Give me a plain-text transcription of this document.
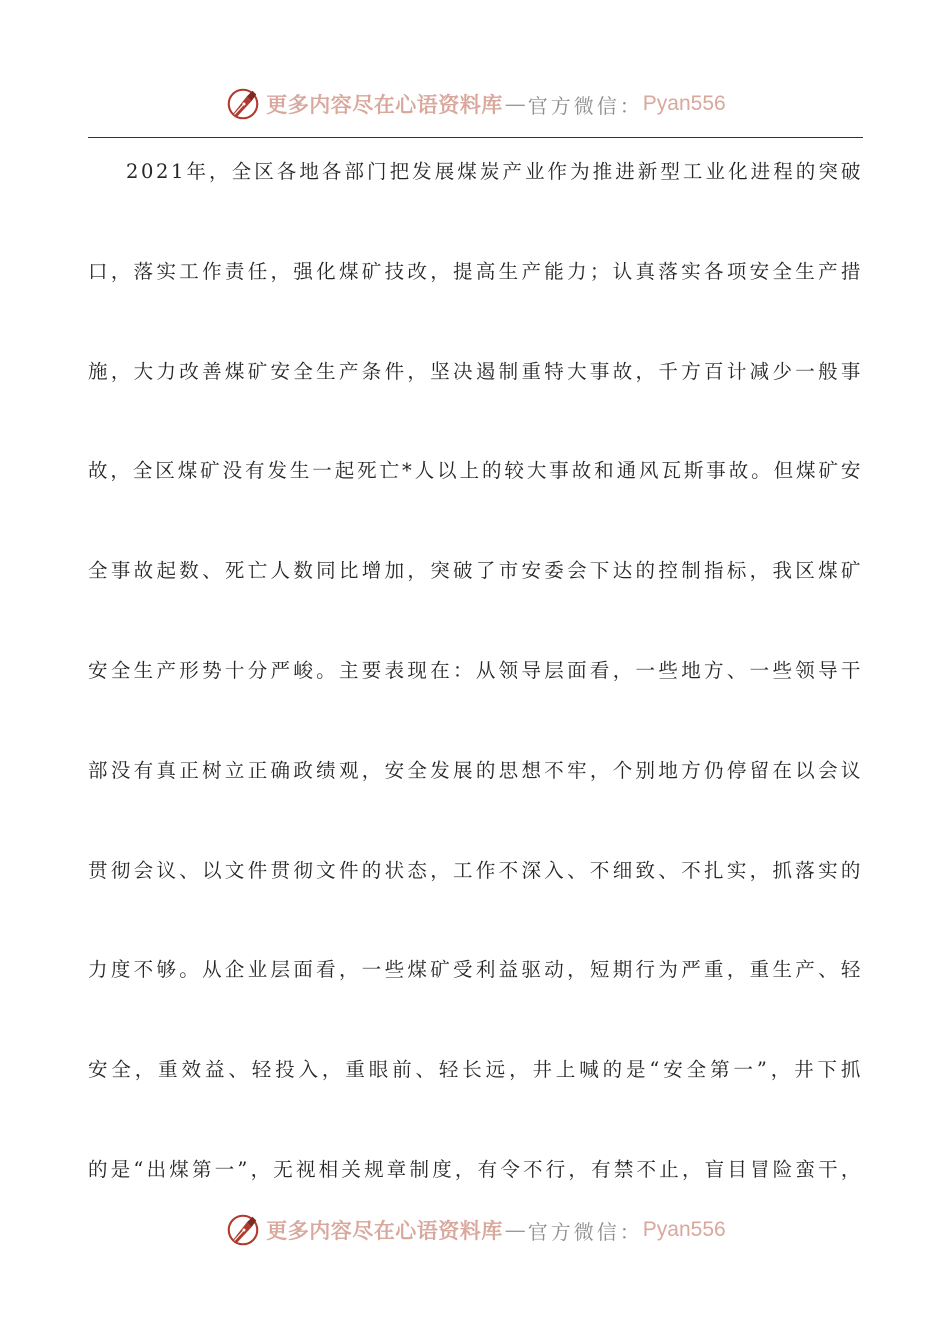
更多内容尽在心语资料库 — 官方微信： Pyan556
2021年，全区各地各部门把发展煤炭产业作为推进新型工业化进程的突破
口，落实工作责任，强化煤矿技改，提高生产能力；认真落实各项安全生产措
施，大力改善煤矿安全生产条件，坚决遏制重特大事故，千方百计减少一般事
故，全区煤矿没有发生一起死亡*人以上的较大事故和通风瓦斯事故。但煤矿安
全事故起数、死亡人数同比增加，突破了市安委会下达的控制指标，我区煤矿
安全生产形势十分严峻。主要表现在：从领导层面看，一些地方、一些领导干
部没有真正树立正确政绩观，安全发展的思想不牢，个别地方仍停留在以会议
贯彻会议、以文件贯彻文件的状态，工作不深入、不细致、不扎实，抓落实的
力度不够。从企业层面看，一些煤矿受利益驱动，短期行为严重，重生产、轻
安全，重效益、轻投入，重眼前、轻长远，井上喊的是“安全第一”，井下抓
的是“出煤第一”，无视相关规章制度，有令不行，有禁不止，盲目冒险蛮干，
更多内容尽在心语资料库 — 官方微信： Pyan556
